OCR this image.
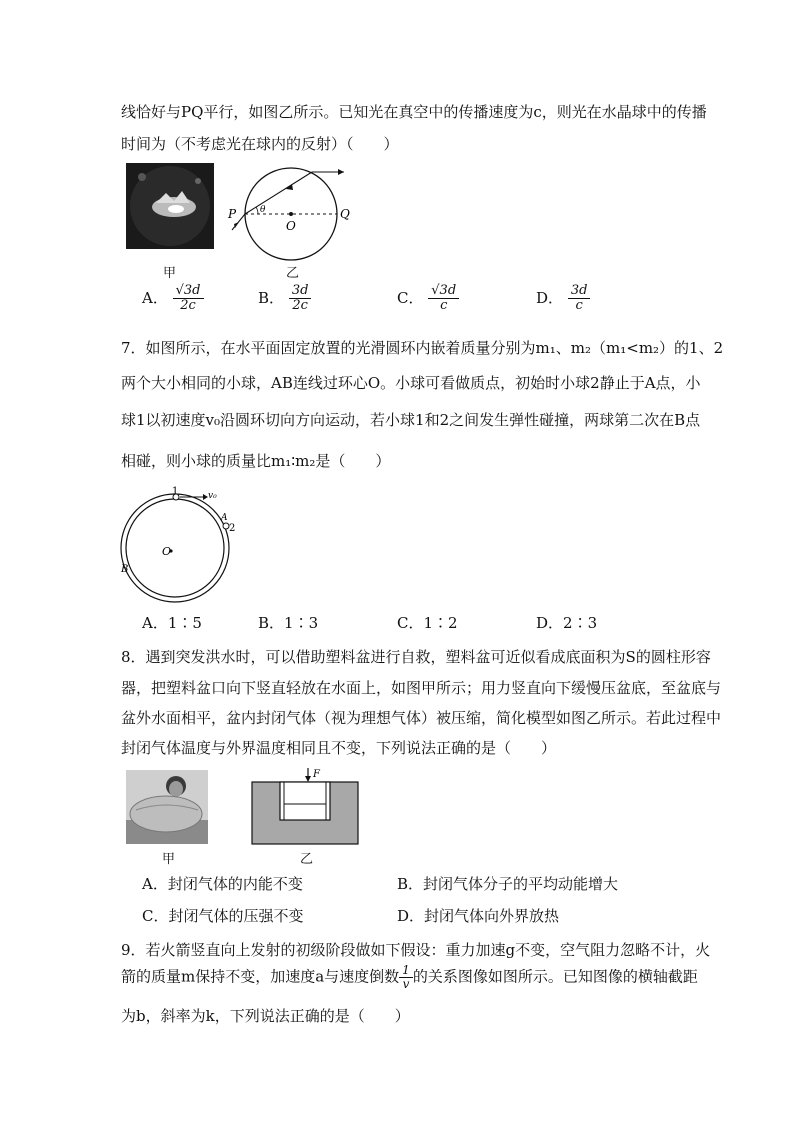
线恰好与PQ平行，如图乙所示。已知光在真空中的传播速度为c，则光在水晶球中的传播
时间为（不考虑光在球内的反射）（　　）
甲
P	Q
O
θ
乙
A． $\frac{√3d}{2c}$	B． $\frac{3d}{2c}$	C． $\frac{√3d}{c}$	D． $\frac{3d}{c}$
7．如图所示，在水平面固定放置的光滑圆环内嵌着质量分别为m₁、m₂（m₁<m₂）的1、2
两个大小相同的小球，AB连线过环心O。小球可看做质点，初始时小球2静止于A点，小
球1以初速度v₀沿圆环切向方向运动，若小球1和2之间发生弹性碰撞，两球第二次在B点
相碰，则小球的质量比m₁∶m₂是（　　）
1	v₀
A
2
O
B
A．1∶5	B．1∶3	C．1∶2	D．2∶3
8．遇到突发洪水时，可以借助塑料盆进行自救，塑料盆可近似看成底面积为S的圆柱形容
器，把塑料盆口向下竖直轻放在水面上，如图甲所示；用力竖直向下缓慢压盆底，至盆底与
盆外水面相平，盆内封闭气体（视为理想气体）被压缩，简化模型如图乙所示。若此过程中
封闭气体温度与外界温度相同且不变，下列说法正确的是（　　）
甲
F
乙
A．封闭气体的内能不变	B．封闭气体分子的平均动能增大
C．封闭气体的压强不变	D．封闭气体向外界放热
9．若火箭竖直向上发射的初级阶段做如下假设：重力加速g不变，空气阻力忽略不计，火
箭的质量m保持不变，加速度a与速度倒数 $\frac{1}{v}$ 的关系图像如图所示。已知图像的横轴截距
为b，斜率为k，下列说法正确的是（　　）
